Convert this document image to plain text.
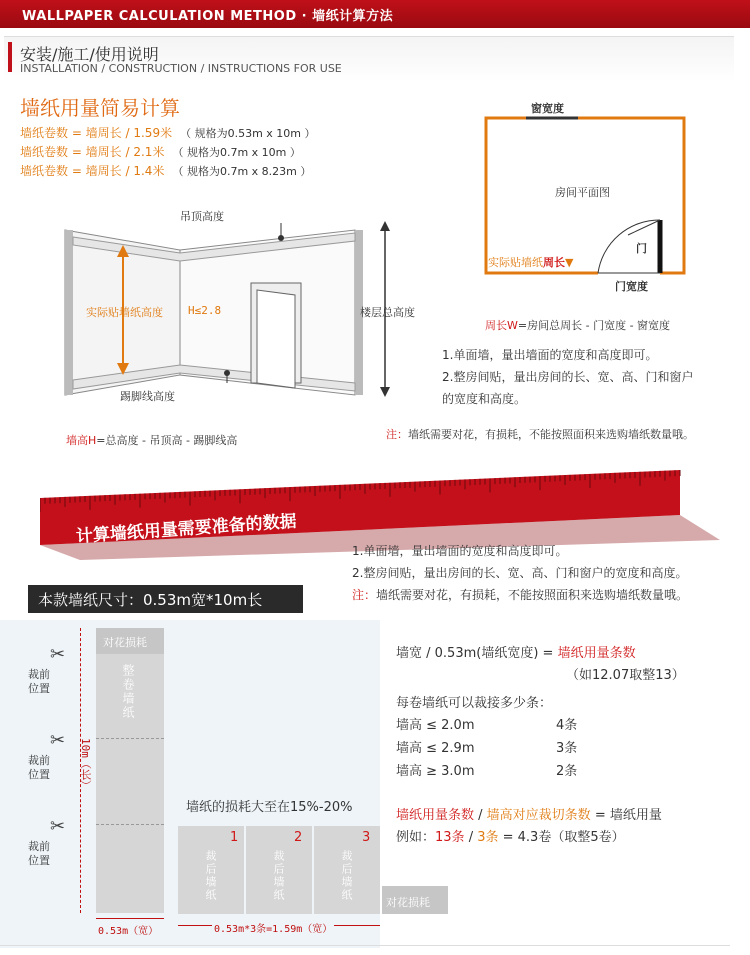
WALLPAPER CALCULATION METHOD · 墙纸计算方法
安装/施工/使用说明
INSTALLATION / CONSTRUCTION / INSTRUCTIONS FOR USE
墙纸用量简易计算
墙纸卷数 = 墙周长 / 1.59米 （ 规格为0.53m x 10m ）
墙纸卷数 = 墙周长 / 2.1米 （ 规格为0.7m x 10m ）
墙纸卷数 = 墙周长 / 1.4米 （ 规格为0.7m x 8.23m ）
吊顶高度
实际贴墙纸高度 H≤2.8	楼层总高度
踢脚线高度
墙高H=总高度 - 吊顶高 - 踢脚线高
窗宽度
房间平面图
门
门宽度
实际贴墙纸周长▼
周长W=房间总周长 - 门宽度 - 窗宽度
1.单面墙，量出墙面的宽度和高度即可。
2.整房间贴，量出房间的长、宽、高、门和窗户
的宽度和高度。
注：墙纸需要对花，有损耗，不能按照面积来选购墙纸数量哦。
计算墙纸用量需要准备的数据
1.单面墙，量出墙面的宽度和高度即可。
2.整房间贴，量出房间的长、宽、高、门和窗户的宽度和高度。
注：墙纸需要对花，有损耗，不能按照面积来选购墙纸数量哦。
本款墙纸尺寸：0.53m宽*10m长
对花损耗
整卷墙纸
10m（长）
✂
裁前位置
✂
裁前位置
✂
裁前位置
0.53m（宽）
墙纸的损耗大至在15%-20%
1	2	3
裁后墙纸	裁后墙纸	裁后墙纸
对花损耗
0.53m*3条=1.59m（宽）
墙宽 / 0.53m(墙纸宽度) = 墙纸用量条数
（如12.07取整13）
每卷墙纸可以裁接多少条：
墙高 ≤ 2.0m	4条
墙高 ≤ 2.9m	3条
墙高 ≥ 3.0m	2条
墙纸用量条数 / 墙高对应裁切条数 = 墙纸用量
例如：13条 / 3条 = 4.3卷（取整5卷）
